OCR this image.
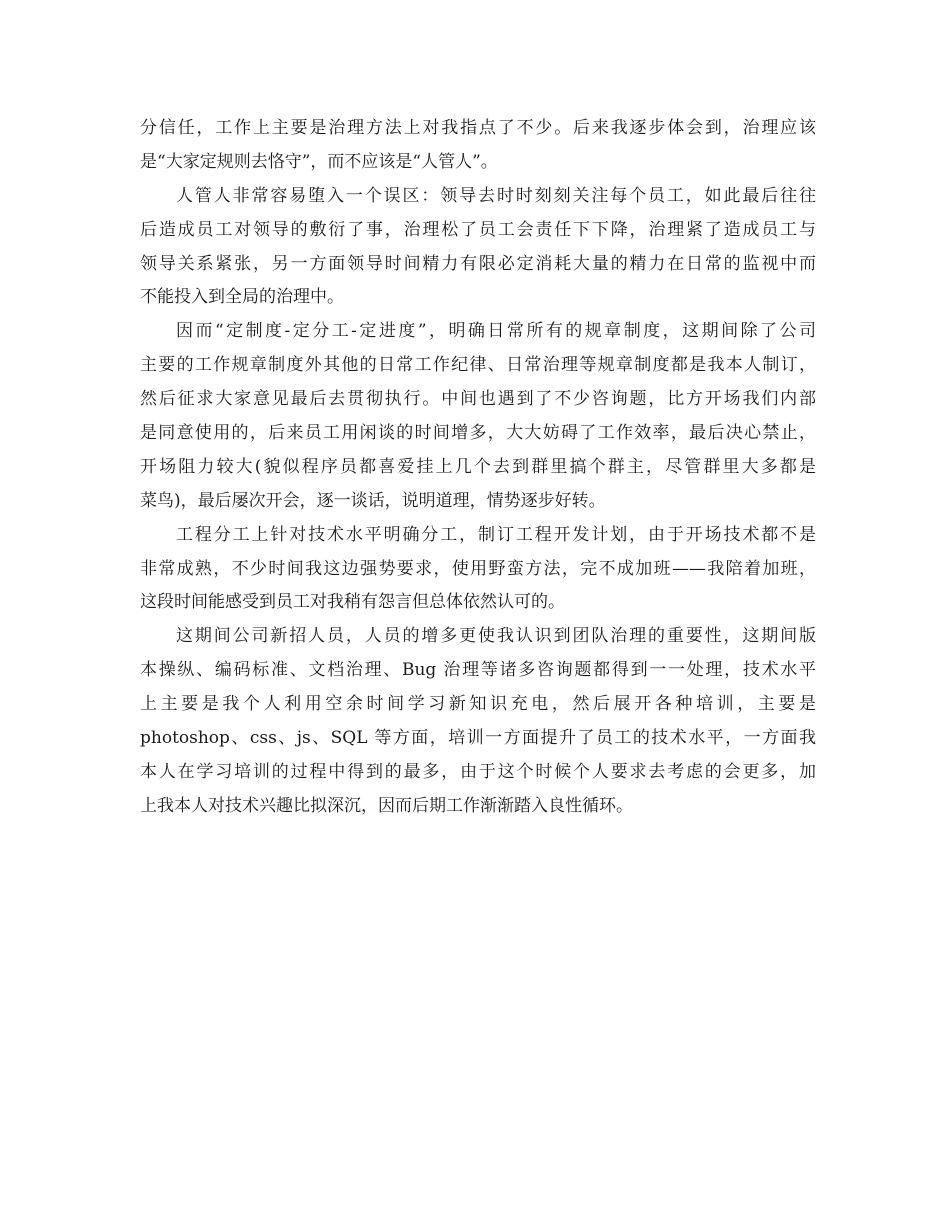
分信任，工作上主要是治理方法上对我指点了不少。后来我逐步体会到，治理应该
是“大家定规则去恪守”，而不应该是“人管人”。
人管人非常容易堕入一个误区：领导去时时刻刻关注每个员工，如此最后往往
后造成员工对领导的敷衍了事，治理松了员工会责任下下降，治理紧了造成员工与
领导关系紧张，另一方面领导时间精力有限必定消耗大量的精力在日常的监视中而
不能投入到全局的治理中。
因而“定制度-定分工-定进度”，明确日常所有的规章制度，这期间除了公司
主要的工作规章制度外其他的日常工作纪律、日常治理等规章制度都是我本人制订，
然后征求大家意见最后去贯彻执行。中间也遇到了不少咨询题，比方开场我们内部
是同意使用的，后来员工用闲谈的时间增多，大大妨碍了工作效率，最后决心禁止，
开场阻力较大(貌似程序员都喜爱挂上几个去到群里搞个群主，尽管群里大多都是
菜鸟)，最后屡次开会，逐一谈话，说明道理，情势逐步好转。
工程分工上针对技术水平明确分工，制订工程开发计划，由于开场技术都不是
非常成熟，不少时间我这边强势要求，使用野蛮方法，完不成加班——我陪着加班，
这段时间能感受到员工对我稍有怨言但总体依然认可的。
这期间公司新招人员，人员的增多更使我认识到团队治理的重要性，这期间版
本操纵、编码标准、文档治理、Bug 治理等诸多咨询题都得到一一处理，技术水平
上主要是我个人利用空余时间学习新知识充电，然后展开各种培训，主要是
photoshop、css、js、SQL 等方面，培训一方面提升了员工的技术水平，一方面我
本人在学习培训的过程中得到的最多，由于这个时候个人要求去考虑的会更多，加
上我本人对技术兴趣比拟深沉，因而后期工作渐渐踏入良性循环。
